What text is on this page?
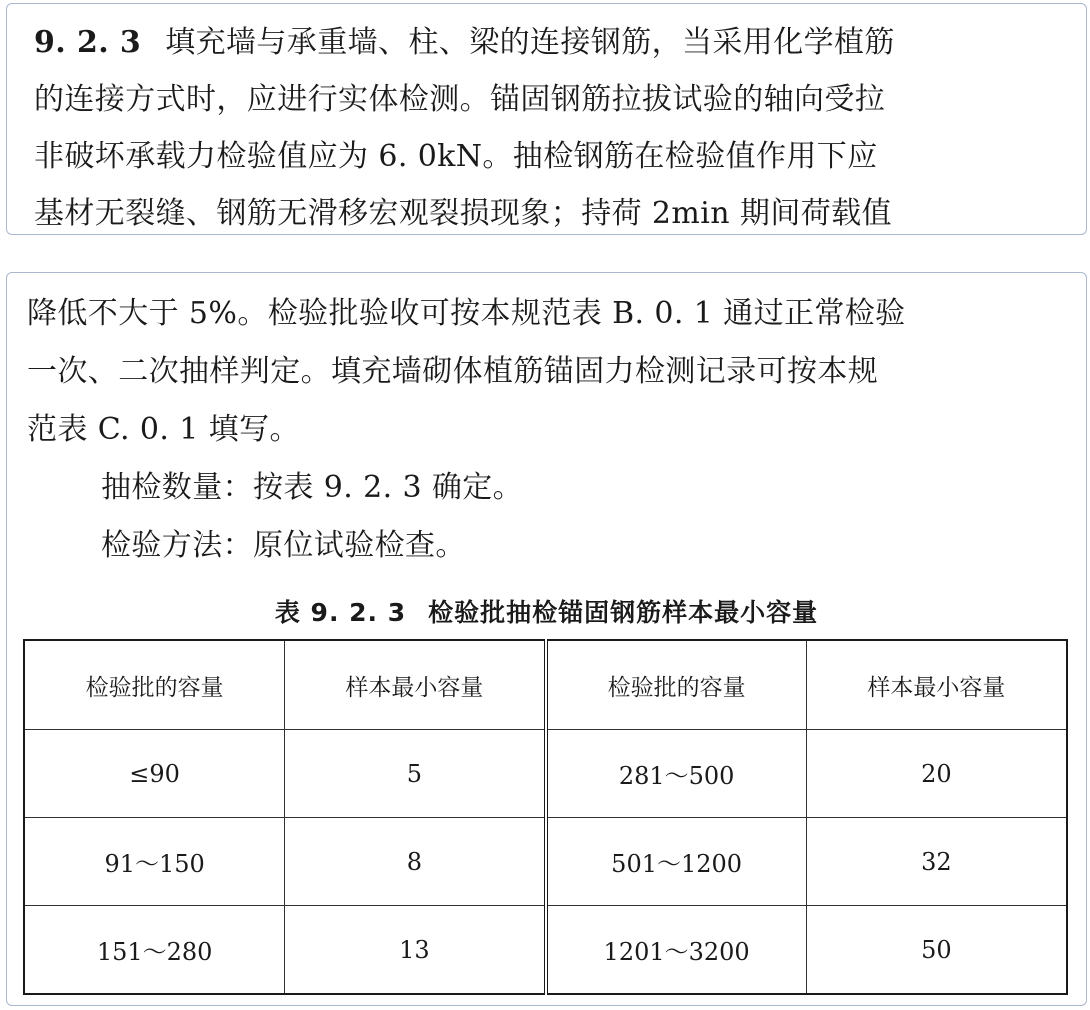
9. 2. 3 填充墙与承重墙、柱、梁的连接钢筋，当采用化学植筋
的连接方式时，应进行实体检测。锚固钢筋拉拔试验的轴向受拉
非破坏承载力检验值应为 6. 0kN。抽检钢筋在检验值作用下应
基材无裂缝、钢筋无滑移宏观裂损现象；持荷 2min 期间荷载值
降低不大于 5%。检验批验收可按本规范表 B. 0. 1 通过正常检验
一次、二次抽样判定。填充墙砌体植筋锚固力检测记录可按本规
范表 C. 0. 1 填写。
抽检数量：按表 9. 2. 3 确定。
检验方法：原位试验检查。
表 9. 2. 3 检验批抽检锚固钢筋样本最小容量
检验批的容量	样本最小容量	检验批的容量	样本最小容量
≤90	5	281～500	20
91～150	8	501～1200	32
151～280	13	1201～3200	50
